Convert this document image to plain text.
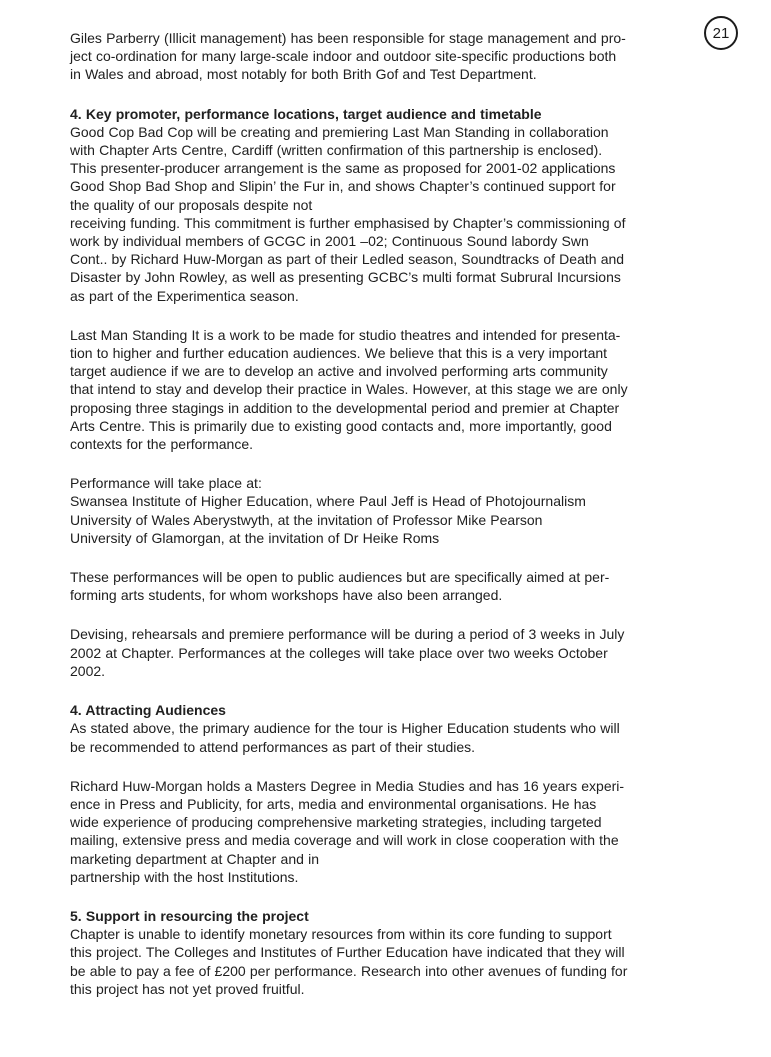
21
Giles Parberry (Illicit management) has been responsible for stage management and pro-
ject co-ordination for many large-scale indoor and outdoor site-specific productions both
in Wales and abroad, most notably for both Brith Gof and Test Department.
4. Key promoter, performance locations, target audience and timetable
Good Cop Bad Cop will be creating and premiering Last Man Standing in collaboration
with Chapter Arts Centre, Cardiff (written confirmation of this partnership is enclosed).
This presenter-producer arrangement is the same as proposed for 2001-02 applications
Good Shop Bad Shop and Slipin’ the Fur in, and shows Chapter’s continued support for
the quality of our proposals despite not
receiving funding. This commitment is further emphasised by Chapter’s commissioning of
work by individual members of GCGC in 2001 –02; Continuous Sound labordy Swn
Cont.. by Richard Huw-Morgan as part of their Ledled season, Soundtracks of Death and
Disaster by John Rowley, as well as presenting GCBC’s multi format Subrural Incursions
as part of the Experimentica season.
Last Man Standing It is a work to be made for studio theatres and intended for presenta-
tion to higher and further education audiences. We believe that this is a very important
target audience if we are to develop an active and involved performing arts community
that intend to stay and develop their practice in Wales. However, at this stage we are only
proposing three stagings in addition to the developmental period and premier at Chapter
Arts Centre. This is primarily due to existing good contacts and, more importantly, good
contexts for the performance.
Performance will take place at:
Swansea Institute of Higher Education, where Paul Jeff is Head of Photojournalism
University of Wales Aberystwyth, at the invitation of Professor Mike Pearson
University of Glamorgan, at the invitation of Dr Heike Roms
These performances will be open to public audiences but are specifically aimed at per-
forming arts students, for whom workshops have also been arranged.
Devising, rehearsals and premiere performance will be during a period of 3 weeks in July
2002 at Chapter. Performances at the colleges will take place over two weeks October
2002.
4. Attracting Audiences
As stated above, the primary audience for the tour is Higher Education students who will
be recommended to attend performances as part of their studies.
Richard Huw-Morgan holds a Masters Degree in Media Studies and has 16 years experi-
ence in Press and Publicity, for arts, media and environmental organisations. He has
wide experience of producing comprehensive marketing strategies, including targeted
mailing, extensive press and media coverage and will work in close cooperation with the
marketing department at Chapter and in
partnership with the host Institutions.
5. Support in resourcing the project
Chapter is unable to identify monetary resources from within its core funding to support
this project. The Colleges and Institutes of Further Education have indicated that they will
be able to pay a fee of £200 per performance. Research into other avenues of funding for
this project has not yet proved fruitful.
